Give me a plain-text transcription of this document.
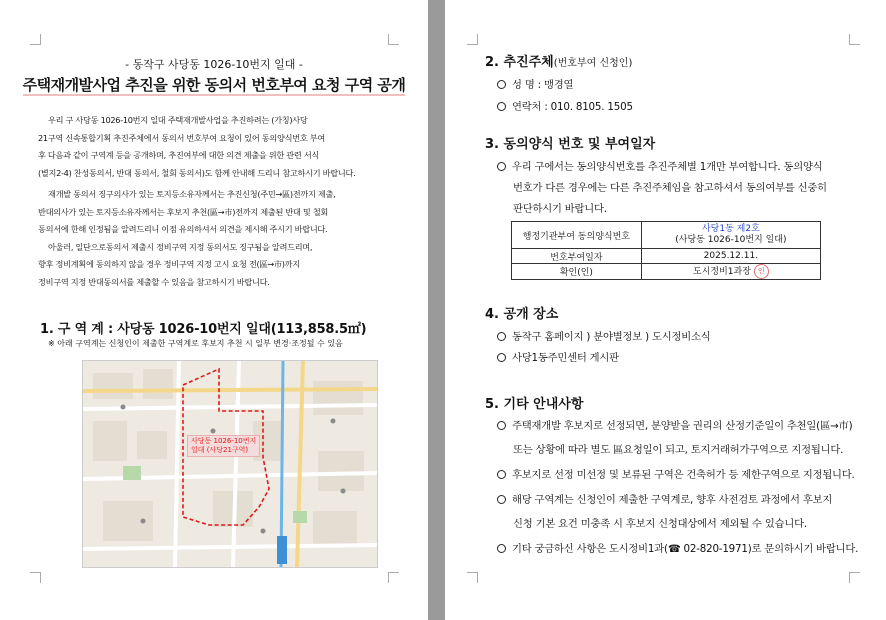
- 동작구 사당동 1026-10번지 일대 -
주택재개발사업 추진을 위한 동의서 번호부여 요청 구역 공개
우리 구 사당동 1026-10번지 일대 주택재개발사업을 추진하려는 (가칭)사당
21구역 신속통합기획 추진주체에서 동의서 번호부여 요청이 있어 동의양식번호 부여
후 다음과 같이 구역계 등을 공개하며, 추진여부에 대한 의견 제출을 위한 관련 서식
(별지2-4) 찬성동의서, 반대 동의서, 철회 동의서)도 함께 안내해 드리니 참고하시기 바랍니다.
재개발 동의서 징구의사가 있는 토지등소유자께서는 추진신청(주민→區)전까지 제출,
반대의사가 있는 토지등소유자께서는 후보지 추천(區→市)전까지 제출된 반대 및 철회
동의서에 한해 인정됨을 알려드리니 이점 유의하셔서 의견을 제시해 주시기 바랍니다.
아울러, 일단으로동의서 제출시 정비구역 지정 동의서도 징구됨을 알려드리며,
향후 정비계획에 동의하지 않을 경우 정비구역 지정 고시 요청 전(區→市)까지
정비구역 지정 반대동의서를 제출할 수 있음을 참고하시기 바랍니다.
1. 구 역 계 : 사당동 1026-10번지 일대(113,858.5㎡)
※ 아래 구역계는 신청인이 제출한 구역계로 후보지 추천 시 일부 변경·조정될 수 있음
사당동 1026-10번지
일대 (사당21구역)
2. 추진주체(번호부여 신청인)
성 명 : 맹경열
연락처 : 010. 8105. 1505
3. 동의양식 번호 및 부여일자
우리 구에서는 동의양식번호를 추진주체별 1개만 부여합니다. 동의양식
번호가 다른 경우에는 다른 추진주체임을 참고하셔서 동의여부를 신중히
판단하시기 바랍니다.
행정기관부여 동의양식번호	사당1동 제2호
(사당동 1026-10번지 일대)

번호부여일자	2025.12.11.
확인(인)	도시정비1과장 인
4. 공개 장소
동작구 홈페이지 ) 분야별정보 ) 도시정비소식
사당1동주민센터 게시판
5. 기타 안내사항
주택재개발 후보지로 선정되면, 분양받을 권리의 산정기준일이 추천일(區→市)
또는 상황에 따라 별도 區요청일이 되고, 토지거래허가구역으로 지정됩니다.
후보지로 선정 미선정 및 보류된 구역은 건축허가 등 제한구역으로 지정됩니다.
해당 구역계는 신청인이 제출한 구역계로, 향후 사전검토 과정에서 후보지
신청 기본 요건 미충족 시 후보지 신청대상에서 제외될 수 있습니다.
기타 궁금하신 사항은 도시정비1과(☎ 02-820-1971)로 문의하시기 바랍니다.
